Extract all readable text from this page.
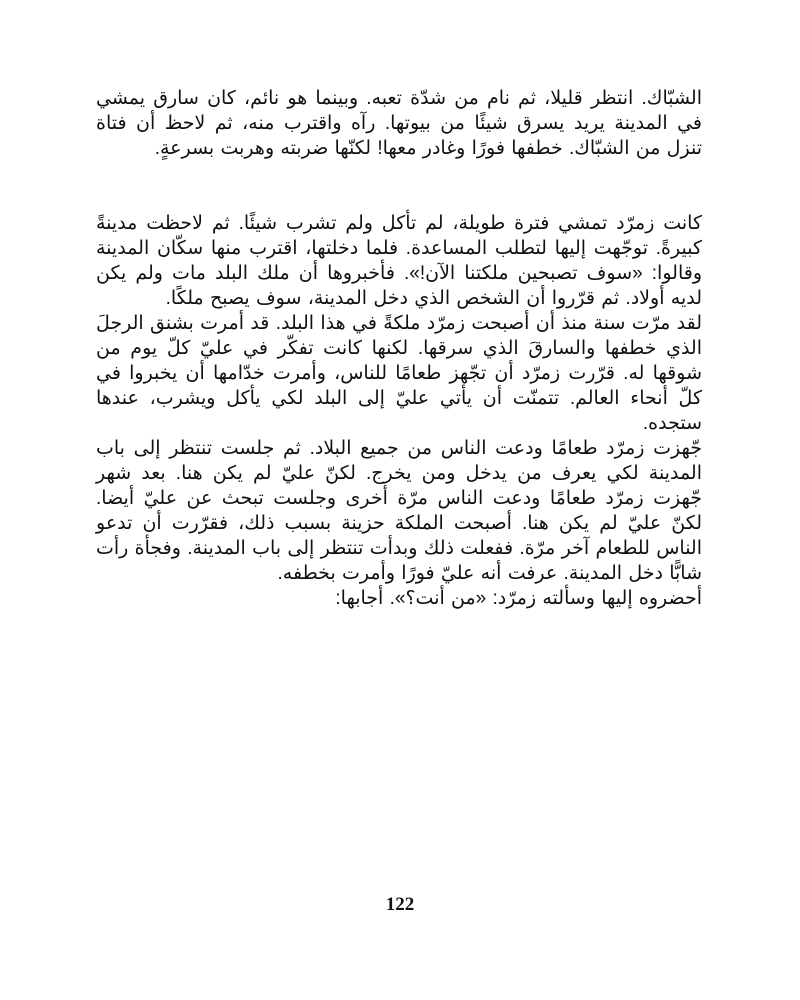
الشبّاك. انتظر قليلا، ثم نام من شدّة تعبه. وبينما هو نائم، كان سارق يمشي في المدينة يريد يسرق شيئًا من بيوتها. رآه واقترب منه، ثم لاحظ أن فتاة تنزل من الشبّاك. خطفها فورًا وغادر معها! لكنّها ضربته وهربت بسرعةٍ.

كانت زمرّد تمشي فترة طويلة، لم تأكل ولم تشرب شيئًا. ثم لاحظت مدينةً كبيرةً. توجّهت إليها لتطلب المساعدة. فلما دخلتها، اقترب منها سكّان المدينة وقالوا: «سوف تصبحين ملكتنا الآن!». فأخبروها أن ملك البلد مات ولم يكن لديه أولاد. ثم قرّروا أن الشخص الذي دخل المدينة، سوف يصبح ملكًا.

لقد مرّت سنة منذ أن أصبحت زمرّد ملكةً في هذا البلد. قد أمرت بشنق الرجلَ الذي خطفها والسارقَ الذي سرقها. لكنها كانت تفكّر في عليّ كلّ يوم من شوقها له. قرّرت زمرّد أن تجّهز طعامًا للناس، وأمرت خدّامها أن يخبروا في كلّ أنحاء العالم. تتمنّت أن يأتي عليّ إلى البلد لكي يأكل ويشرب، عندها ستجده.

جّهزت زمرّد طعامًا ودعت الناس من جميع البلاد. ثم جلست تنتظر إلى باب المدينة لكي يعرف من يدخل ومن يخرج. لكنّ عليّ لم يكن هنا. بعد شهر جّهزت زمرّد طعامًا ودعت الناس مرّة أخرى وجلست تبحث عن عليّ أيضا. لكنّ عليّ لم يكن هنا. أصبحت الملكة حزينة بسبب ذلك، فقرّرت أن تدعو الناس للطعام آخر مرّة. ففعلت ذلك وبدأت تنتظر إلى باب المدينة. وفجأة رأت شابًّا دخل المدينة. عرفت أنه عليّ فورًا وأمرت بخطفه.

أحضروه إليها وسألته زمرّد: «من أنت؟». أجابها:

122
